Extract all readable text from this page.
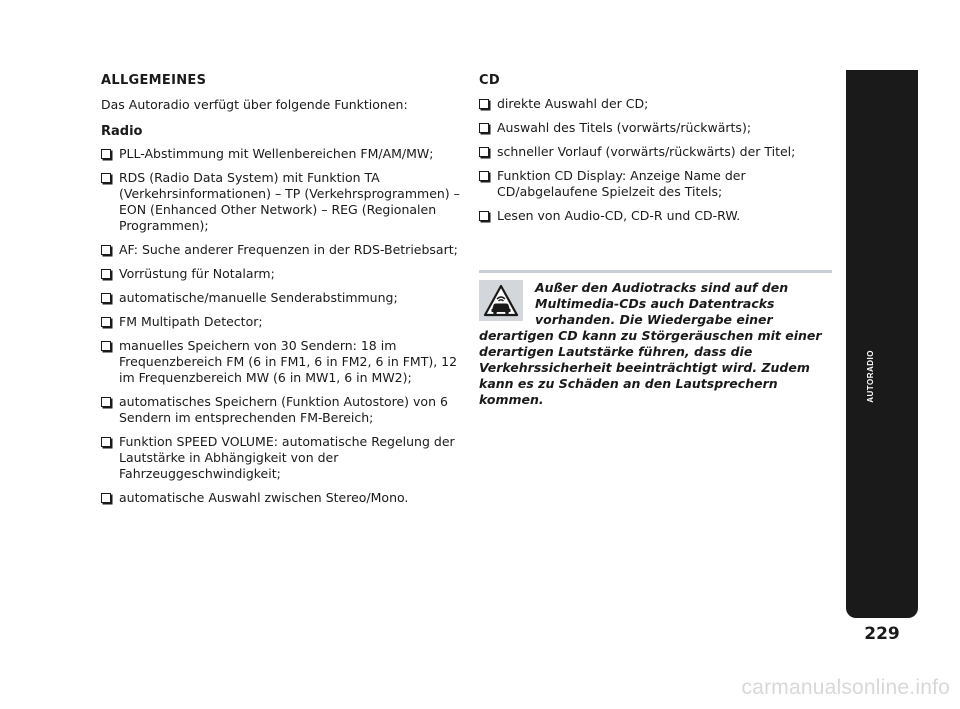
ALLGEMEINES
Das Autoradio verfügt über folgende Funktionen:
Radio
PLL-Abstimmung mit Wellenbereichen FM/AM/MW;
RDS (Radio Data System) mit Funktion TA (Verkehrsinformationen) – TP (Verkehrsprogrammen) – EON (Enhanced Other Network) – REG (Regionalen Programmen);
AF: Suche anderer Frequenzen in der RDS-Betriebsart;
Vorrüstung für Notalarm;
automatische/manuelle Senderabstimmung;
FM Multipath Detector;
manuelles Speichern von 30 Sendern: 18 im Frequenzbereich FM (6 in FM1, 6 in FM2, 6 in FMT), 12 im Frequenzbereich MW (6 in MW1, 6 in MW2);
automatisches Speichern (Funktion Autostore) von 6 Sendern im entsprechenden FM-Bereich;
Funktion SPEED VOLUME: automatische Regelung der Lautstärke in Abhängigkeit von der Fahrzeuggeschwindigkeit;
automatische Auswahl zwischen Stereo/Mono.
CD
direkte Auswahl der CD;
Auswahl des Titels (vorwärts/rückwärts);
schneller Vorlauf (vorwärts/rückwärts) der Titel;
Funktion CD Display: Anzeige Name der CD/abgelaufene Spielzeit des Titels;
Lesen von Audio-CD, CD-R und CD-RW.
Außer den Audiotracks sind auf den Multimedia-CDs auch Datentracks vorhanden. Die Wiedergabe einer derartigen CD kann zu Störgeräuschen mit einer derartigen Lautstärke führen, dass die Verkehrssicherheit beeinträchtigt wird. Zudem kann es zu Schäden an den Lautsprechern kommen.	AUTORADIO
229
carmanualsonline.info
